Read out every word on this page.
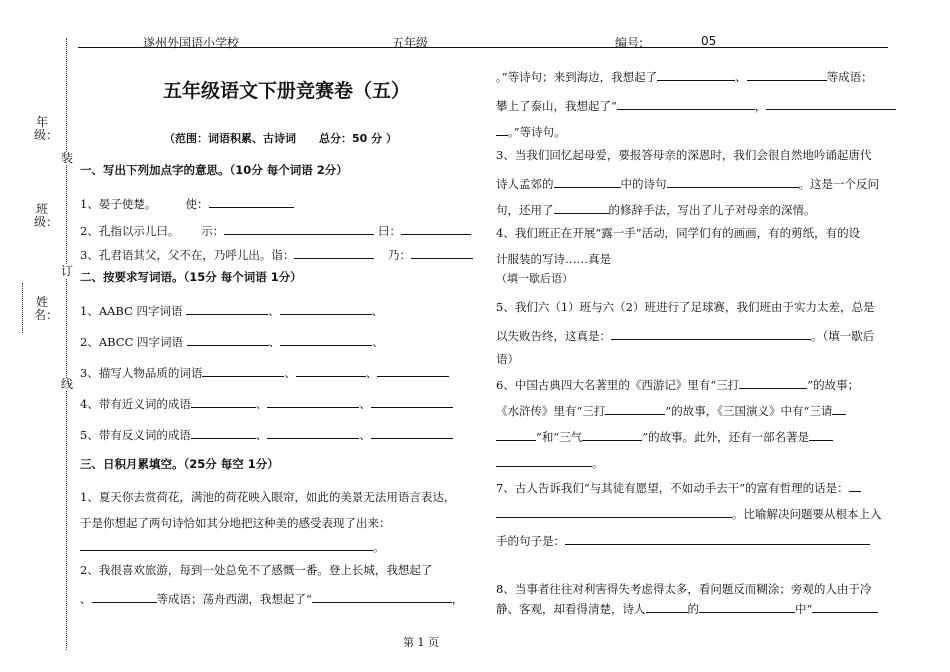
年级：
班级：
姓名：
装
订
线
遂州外国语小学校	五年级	编号:	05
五年级语文下册竞赛卷（五）
（范围：词语积累、古诗词      总分：50 分 ）
一、写出下列加点字的意思。（10分 每个词语 2分）
1、晏子使楚。        使：
2、孔指以示儿曰。      示：	曰：
3、孔君语其父，父不在，乃呼儿出。诣：	乃：
二、按要求写词语。（15分 每个词语 1分）
1、AABC 四字词语	、	、
2、ABCC 四字词语	、	、
3、描写人物品质的词语	、	、
4、带有近义词的成语	、	、
5、带有反义词的成语	、	、
三、日积月累填空。（25分 每空 1分）
1、夏天你去赏荷花，满池的荷花映入眼帘，如此的美景无法用语言表达，
于是你想起了两句诗恰如其分地把这种美的感受表现了出来：
。
2、我很喜欢旅游，每到一处总免不了感慨一番。登上长城，我想起了
、	等成语；荡舟西湖，我想起了“	，
。”等诗句；来到海边，我想起了	、	等成语；
攀上了泰山，我想起了“	，
。”等诗句。
3、当我们回忆起母爱，要报答母亲的深恩时，我们会很自然地吟诵起唐代
诗人孟郊的	中的诗句	。这是一个反问
句，还用了	的修辞手法，写出了儿子对母亲的深情。
4、我们班正在开展“露一手”活动，同学们有的画画，有的剪纸，有的设
计服装的写诗……真是
（填一歇后语）
5、我们六（1）班与六（2）班进行了足球赛，我们班由于实力太差，总是
以失败告终，这真是：	。（填一歇后
语）
6、中国古典四大名著里的《西游记》里有“三打	”的故事；
《水浒传》里有“三打	”的故事，《三国演义》中有“三请
”和“三气	”的故事。此外，还有一部名著是
。
7、古人告诉我们“与其徒有愿望，不如动手去干”的富有哲理的话是：
。比喻解决问题要从根本上入
手的句子是：
8、当事者往往对利害得失考虑得太多，看问题反而糊涂；旁观的人由于冷
静、客观，却看得清楚，诗人	的	中“
第 1 页
